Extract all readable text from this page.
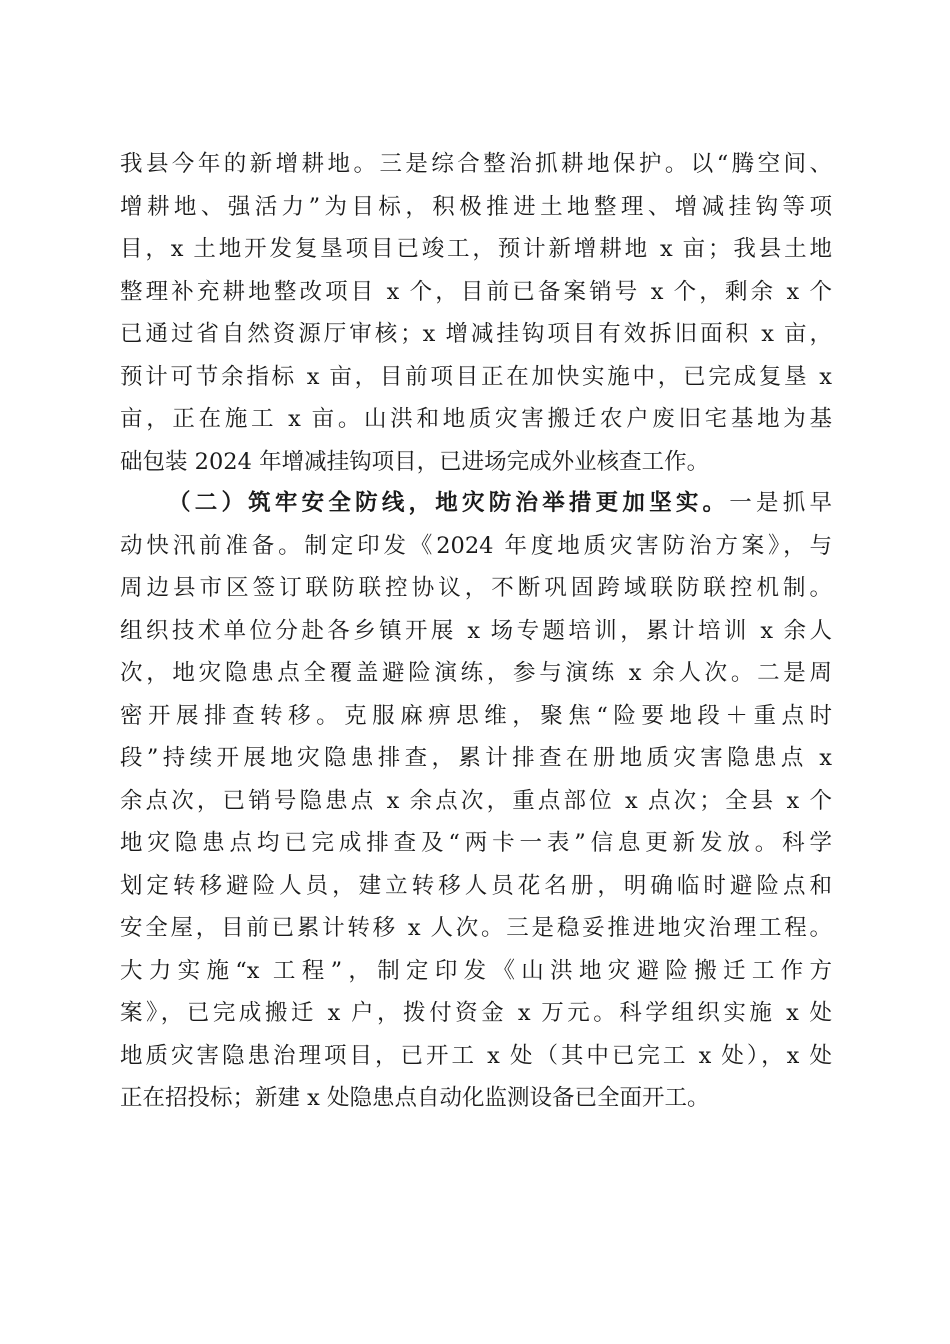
我县今年的新增耕地。三是综合整治抓耕地保护。以“腾空间、
增耕地、强活力”为目标，积极推进土地整理、增减挂钩等项
目，x 土地开发复垦项目已竣工，预计新增耕地 x 亩；我县土地
整理补充耕地整改项目 x 个，目前已备案销号 x 个，剩余 x 个
已通过省自然资源厅审核；x 增减挂钩项目有效拆旧面积 x 亩，
预计可节余指标 x 亩，目前项目正在加快实施中，已完成复垦 x
亩，正在施工 x 亩。山洪和地质灾害搬迁农户废旧宅基地为基
础包装 2024 年增减挂钩项目，已进场完成外业核查工作。
（二）筑牢安全防线，地灾防治举措更加坚实。一是抓早
动快汛前准备。制定印发《2024 年度地质灾害防治方案》，与
周边县市区签订联防联控协议，不断巩固跨域联防联控机制。
组织技术单位分赴各乡镇开展 x 场专题培训，累计培训 x 余人
次，地灾隐患点全覆盖避险演练，参与演练 x 余人次。二是周
密开展排查转移。克服麻痹思维，聚焦“险要地段＋重点时
段”持续开展地灾隐患排查，累计排查在册地质灾害隐患点 x
余点次，已销号隐患点 x 余点次，重点部位 x 点次；全县 x 个
地灾隐患点均已完成排查及“两卡一表”信息更新发放。科学
划定转移避险人员，建立转移人员花名册，明确临时避险点和
安全屋，目前已累计转移 x 人次。三是稳妥推进地灾治理工程。
大力实施“x 工程”，制定印发《山洪地灾避险搬迁工作方
案》，已完成搬迁 x 户，拨付资金 x 万元。科学组织实施 x 处
地质灾害隐患治理项目，已开工 x 处（其中已完工 x 处），x 处
正在招投标；新建 x 处隐患点自动化监测设备已全面开工。
